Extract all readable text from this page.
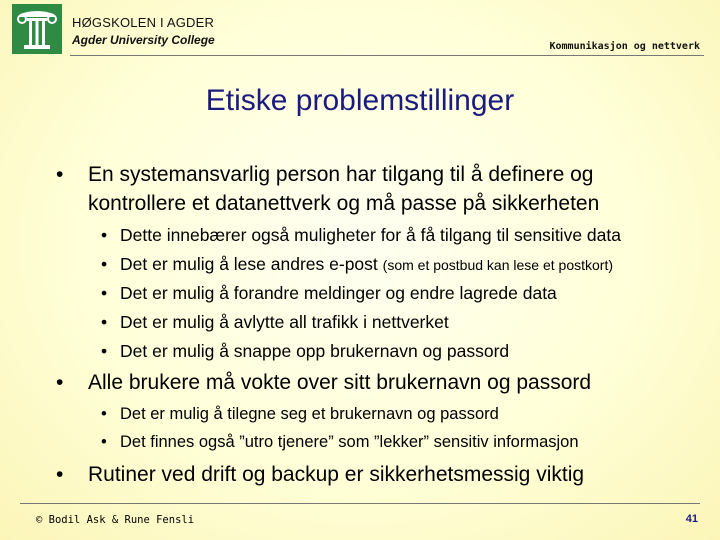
HØGSKOLEN I AGDER
Agder University College	Kommunikasjon og nettverk
Etiske problemstillinger
• En systemansvarlig person har tilgang til å definere og
kontrollere et datanettverk og må passe på sikkerheten
• Dette innebærer også muligheter for å få tilgang til sensitive data
• Det er mulig å lese andres e-post (som et postbud kan lese et postkort)
• Det er mulig å forandre meldinger og endre lagrede data
• Det er mulig å avlytte all trafikk i nettverket
• Det er mulig å snappe opp brukernavn og passord
• Alle brukere må vokte over sitt brukernavn og passord
• Det er mulig å tilegne seg et brukernavn og passord
• Det finnes også ”utro tjenere” som ”lekker” sensitiv informasjon
• Rutiner ved drift og backup er sikkerhetsmessig viktig
© Bodil Ask & Rune Fensli	41
